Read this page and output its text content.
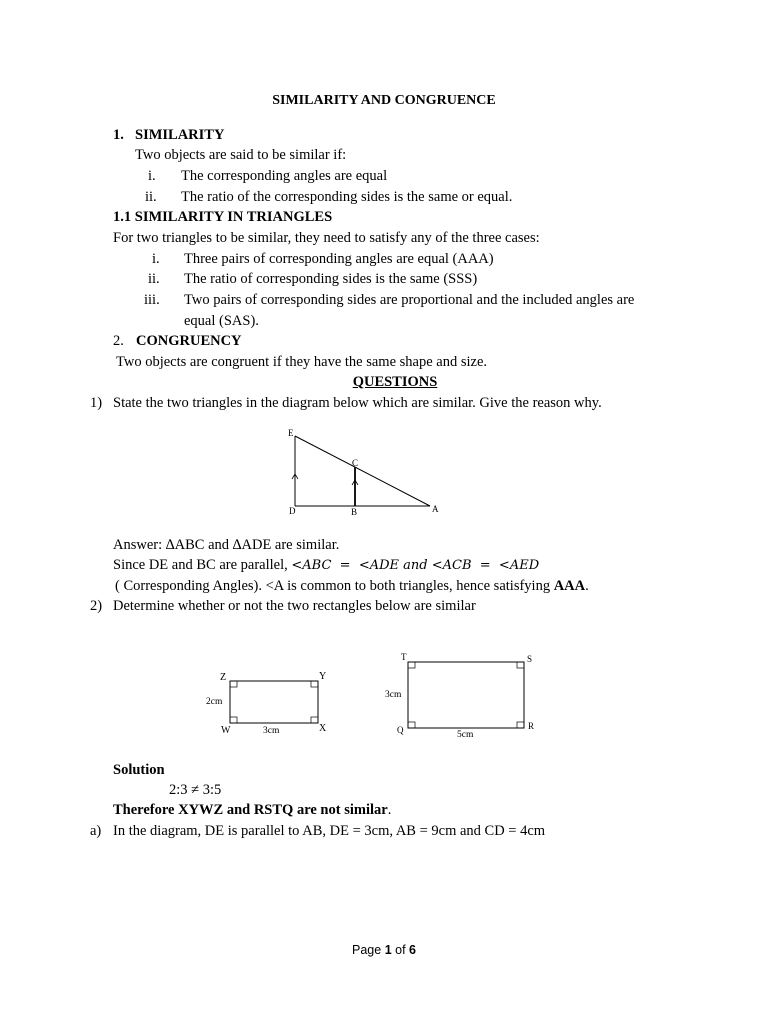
SIMILARITY AND CONGRUENCE
1. SIMILARITY
Two objects are said to be similar if:
i. The corresponding angles are equal
ii. The ratio of the corresponding sides is the same or equal.
1.1 SIMILARITY IN TRIANGLES
For two triangles to be similar, they need to satisfy any of the three cases:
i. Three pairs of corresponding angles are equal (AAA)
ii. The ratio of corresponding sides is the same (SSS)
iii. Two pairs of corresponding sides are proportional and the included angles are
equal (SAS).
2. CONGRUENCY
Two objects are congruent if they have the same shape and size.
QUESTIONS
1) State the two triangles in the diagram below which are similar. Give the reason why.
E
C
D	B	A
Answer: ∆ABC and ∆ADE are similar.
Since DE and BC are parallel, <ABC  =  <ADE and <ACB  =  <AED
( Corresponding Angles). <A is common to both triangles, hence satisfying AAA.
2) Determine whether or not the two rectangles below are similar
Z	Y
W	X
2cm
3cm
T	S
Q	R
3cm
5cm
Solution
2:3 ≠ 3:5
Therefore XYWZ and RSTQ are not similar.
a) In the diagram, DE is parallel to AB, DE = 3cm, AB = 9cm and CD = 4cm
Page 1 of 6
